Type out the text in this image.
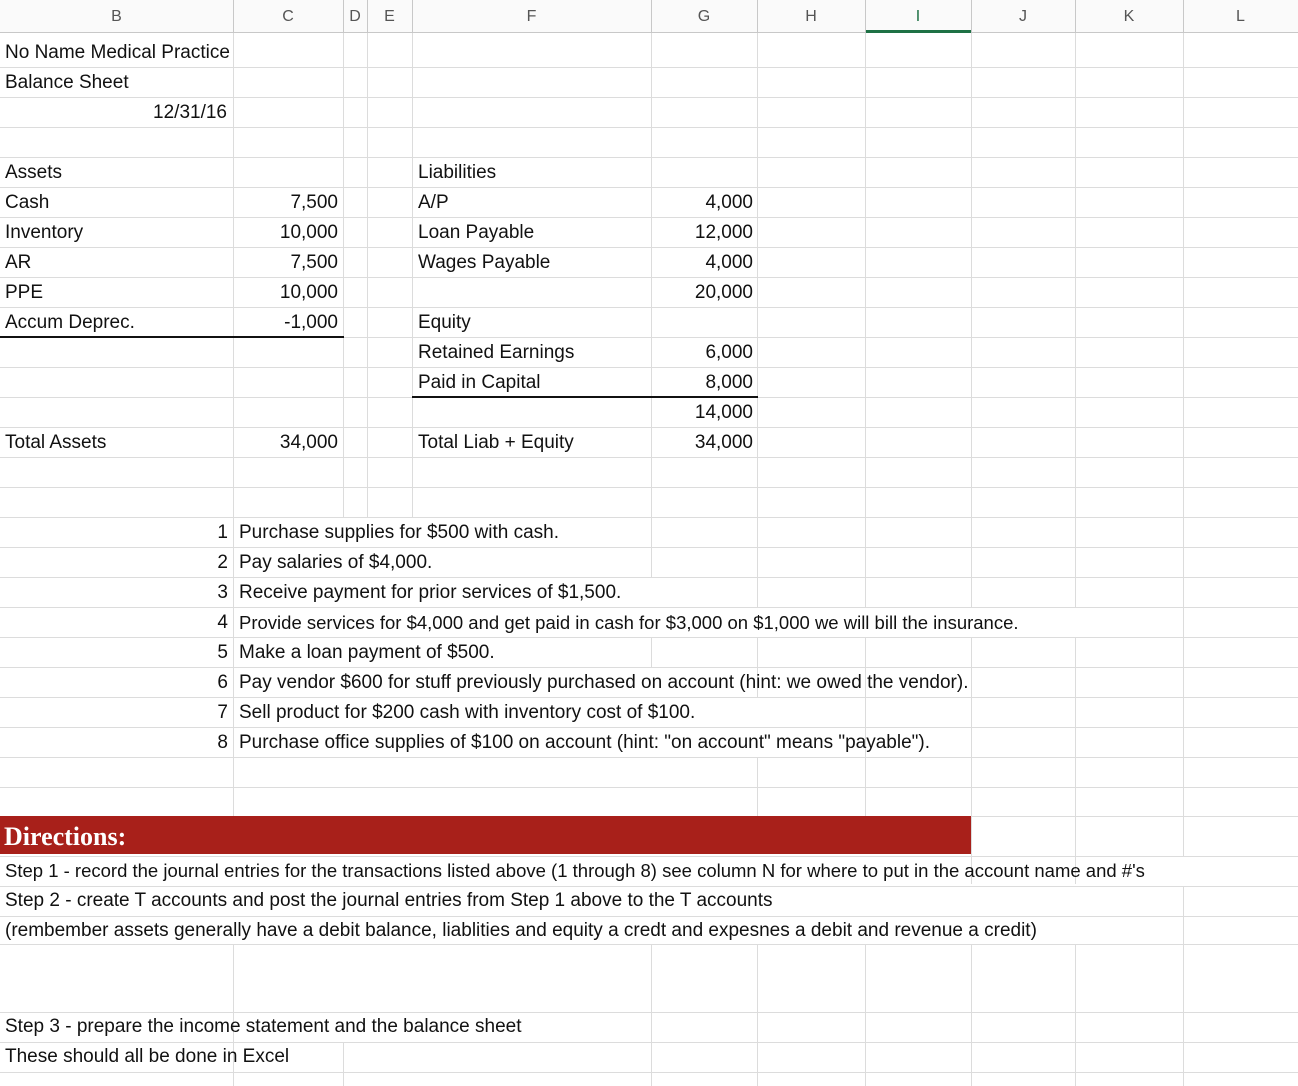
B	C	D	E	F	G	H	I	J	K	L
No Name Medical Practice
Balance Sheet
12/31/16
Assets
Cash	7,500
Inventory	10,000
AR	7,500
PPE	10,000
Accum Deprec.	-1,000
Total Assets	34,000
Liabilities
A/P	4,000
Loan Payable	12,000
Wages Payable	4,000
20,000
Equity
Retained Earnings	6,000
Paid in Capital	8,000
14,000
Total Liab + Equity	34,000
1 Purchase supplies for $500 with cash.
2 Pay salaries of $4,000.
3 Receive payment for prior services of $1,500.
4 Provide services for $4,000 and get paid in cash for $3,000 on $1,000 we will bill the insurance.
5 Make a loan payment of $500.
6 Pay vendor $600 for stuff previously purchased on account (hint: we owed the vendor).
7 Sell product for $200 cash with inventory cost of $100.
8 Purchase office supplies of $100 on account (hint: "on account" means "payable").
Directions:
Step 1 - record the journal entries for the transactions listed above (1 through 8) see column N for where to put in the account name and #'s
Step 2 - create T accounts and post the journal entries from Step 1 above to the T accounts
(rembember assets generally have a debit balance, liablities and equity a credt and expesnes a debit and revenue a credit)
Step 3 - prepare the income statement and the balance sheet
These should all be done in Excel
